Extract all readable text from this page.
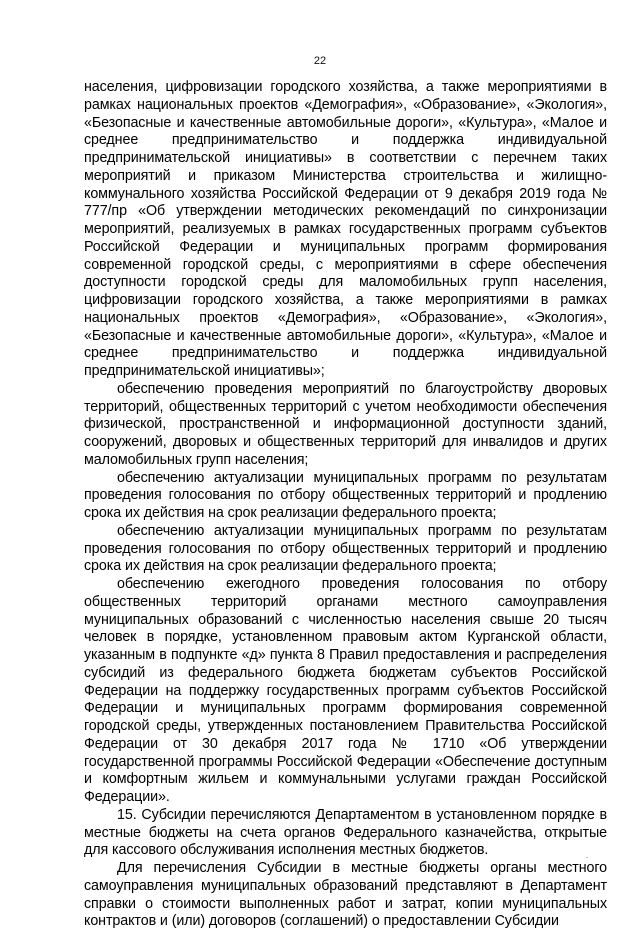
22

населения, цифровизации городского хозяйства, а также мероприятиями в рамках национальных проектов «Демография», «Образование», «Экология», «Безопасные и качественные автомобильные дороги», «Культура», «Малое и среднее предпринимательство и поддержка индивидуальной предпринимательской инициативы» в соответствии с перечнем таких мероприятий и приказом Министерства строительства и жилищно-коммунального хозяйства Российской Федерации от 9 декабря 2019 года № 777/пр «Об утверждении методических рекомендаций по синхронизации мероприятий, реализуемых в рамках государственных программ субъектов Российской Федерации и муниципальных программ формирования современной городской среды, с мероприятиями в сфере обеспечения доступности городской среды для маломобильных групп населения, цифровизации городского хозяйства, а также мероприятиями в рамках национальных проектов «Демография», «Образование», «Экология», «Безопасные и качественные автомобильные дороги», «Культура», «Малое и среднее предпринимательство и поддержка индивидуальной предпринимательской инициативы»;

обеспечению проведения мероприятий по благоустройству дворовых территорий, общественных территорий с учетом необходимости обеспечения физической, пространственной и информационной доступности зданий, сооружений, дворовых и общественных территорий для инвалидов и других маломобильных групп населения;

обеспечению актуализации муниципальных программ по результатам проведения голосования по отбору общественных территорий и продлению срока их действия на срок реализации федерального проекта;

обеспечению актуализации муниципальных программ по результатам проведения голосования по отбору общественных территорий и продлению срока их действия на срок реализации федерального проекта;

обеспечению ежегодного проведения голосования по отбору общественных территорий органами местного самоуправления муниципальных образований с численностью населения свыше 20 тысяч человек в порядке, установленном правовым актом Курганской области, указанным в подпункте «д» пункта 8 Правил предоставления и распределения субсидий из федерального бюджета бюджетам субъектов Российской Федерации на поддержку государственных программ субъектов Российской Федерации и муниципальных программ формирования современной городской среды, утвержденных постановлением Правительства Российской Федерации от 30 декабря 2017 года № 1710 «Об утверждении государственной программы Российской Федерации «Обеспечение доступным и комфортным жильем и коммунальными услугами граждан Российской Федерации».

15. Субсидии перечисляются Департаментом в установленном порядке в местные бюджеты на счета органов Федерального казначейства, открытые для кассового обслуживания исполнения местных бюджетов.

Для перечисления Субсидии в местные бюджеты органы местного самоуправления муниципальных образований представляют в Департамент справки о стоимости выполненных работ и затрат, копии муниципальных контрактов и (или) договоров (соглашений) о предоставлении Субсидии
